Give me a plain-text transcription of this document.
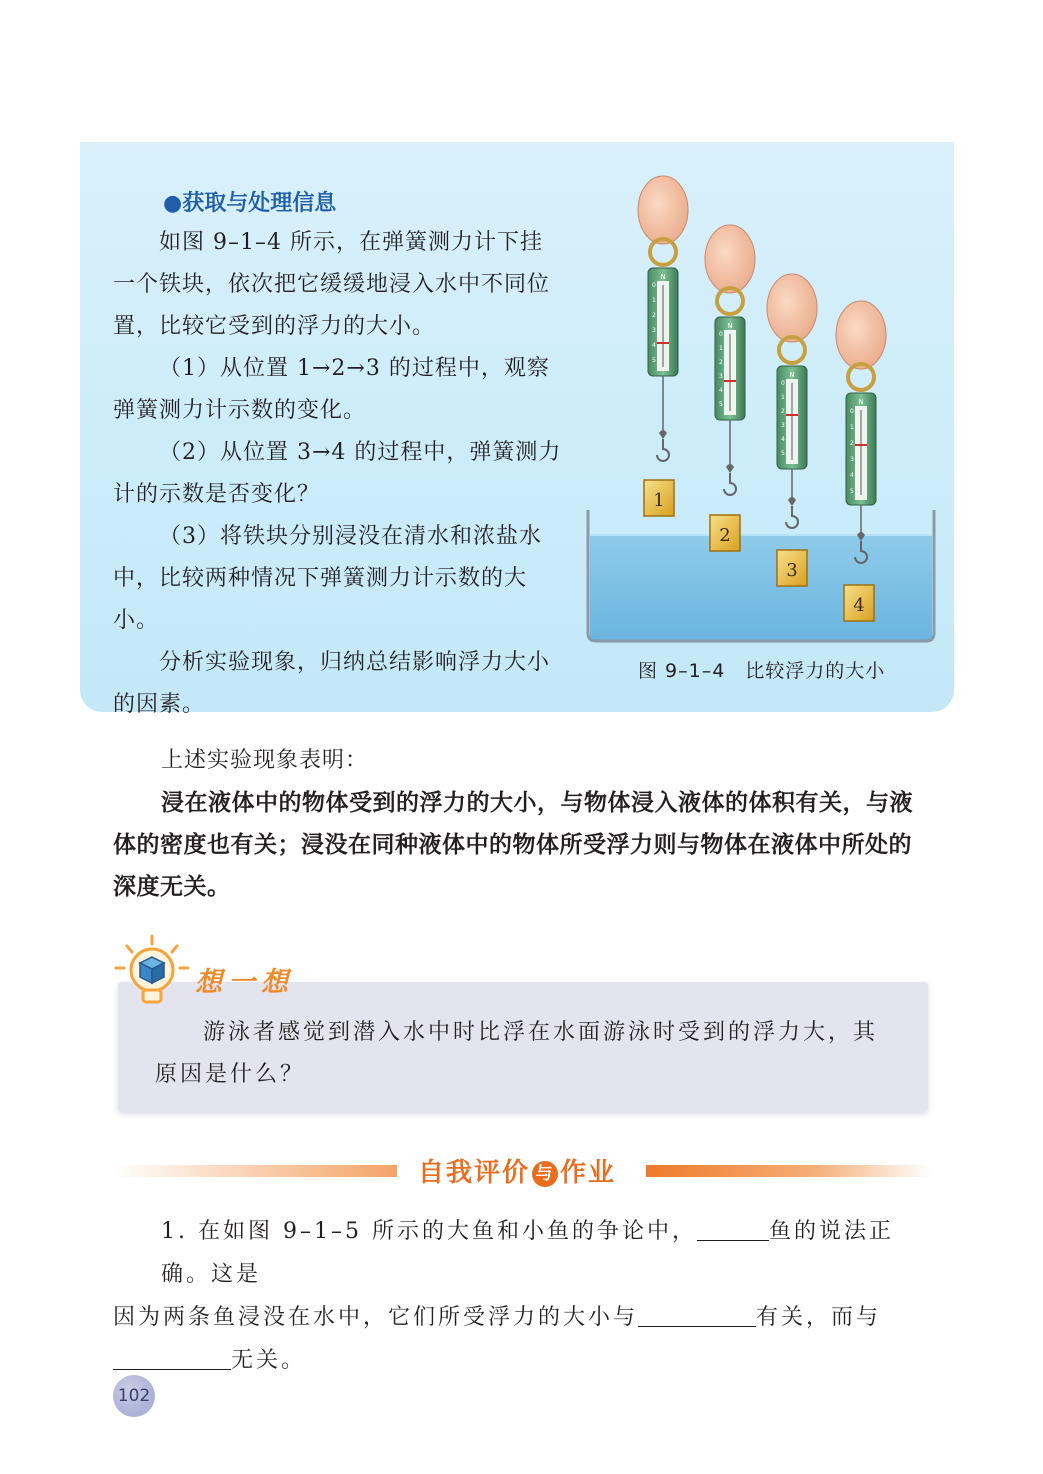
●获取与处理信息
如图 9–1–4 所示，在弹簧测力计下挂一个铁块，依次把它缓缓地浸入水中不同位置，比较它受到的浮力的大小。
（1）从位置 1→2→3 的过程中，观察弹簧测力计示数的变化。
（2）从位置 3→4 的过程中，弹簧测力计的示数是否变化？
（3）将铁块分别浸没在清水和浓盐水中，比较两种情况下弹簧测力计示数的大小。
分析实验现象，归纳总结影响浮力大小的因素。
N
N
N
N
0
1
2
3
4
5
0
1
2
3
4
5
0
1
2
3
4
5
0
1
2
3
4
5
1
2
3
4
图 9–1–4　比较浮力的大小
上述实验现象表明：
浸在液体中的物体受到的浮力的大小，与物体浸入液体的体积有关，与液体的密度也有关；浸没在同种液体中的物体所受浮力则与物体在液体中所处的深度无关。
想一想
游泳者感觉到潜入水中时比浮在水面游泳时受到的浮力大，其原因是什么？
自我评价 与 作业
1. 在如图 9–1–5 所示的大鱼和小鱼的争论中，	鱼的说法正确。这是
因为两条鱼浸没在水中，它们所受浮力的大小与	有关，而与
无关。
102
